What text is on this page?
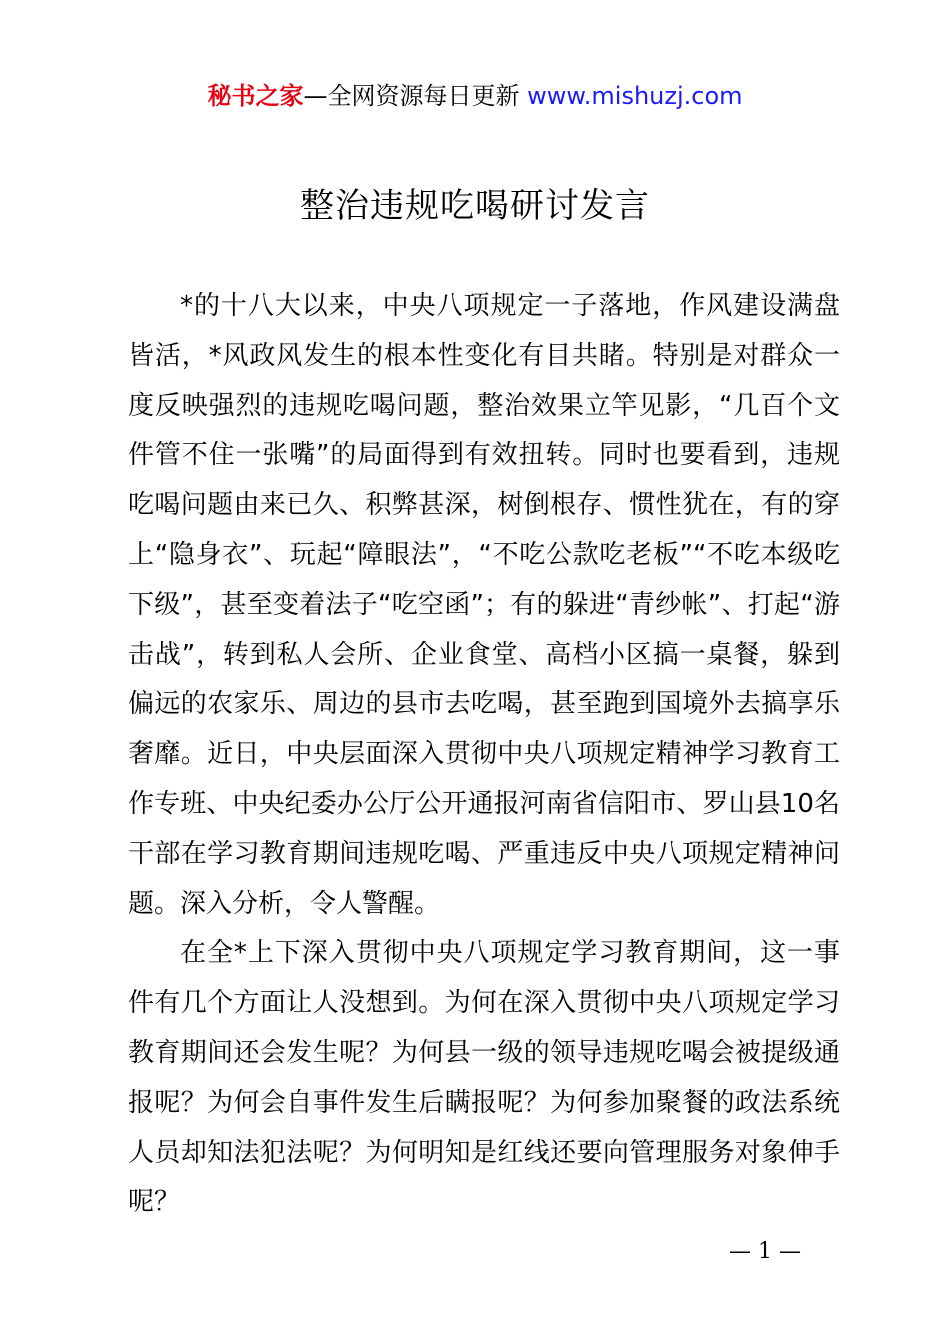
秘书之家—全网资源每日更新 www.mishuzj.com
整治违规吃喝研讨发言

*的十八大以来，中央八项规定一子落地，作风建设满盘皆活，*风政风发生的根本性变化有目共睹。特别是对群众一度反映强烈的违规吃喝问题，整治效果立竿见影，“几百个文件管不住一张嘴”的局面得到有效扭转。同时也要看到，违规吃喝问题由来已久、积弊甚深，树倒根存、惯性犹在，有的穿上“隐身衣”、玩起“障眼法”，“不吃公款吃老板”“不吃本级吃下级”，甚至变着法子“吃空函”；有的躲进“青纱帐”、打起“游击战”，转到私人会所、企业食堂、高档小区搞一桌餐，躲到偏远的农家乐、周边的县市去吃喝，甚至跑到国境外去搞享乐奢靡。近日，中央层面深入贯彻中央八项规定精神学习教育工作专班、中央纪委办公厅公开通报河南省信阳市、罗山县10名干部在学习教育期间违规吃喝、严重违反中央八项规定精神问题。深入分析，令人警醒。

在全*上下深入贯彻中央八项规定学习教育期间，这一事件有几个方面让人没想到。为何在深入贯彻中央八项规定学习教育期间还会发生呢？为何县一级的领导违规吃喝会被提级通报呢？为何会自事件发生后瞒报呢？为何参加聚餐的政法系统人员却知法犯法呢？为何明知是红线还要向管理服务对象伸手呢？

— 1 —
